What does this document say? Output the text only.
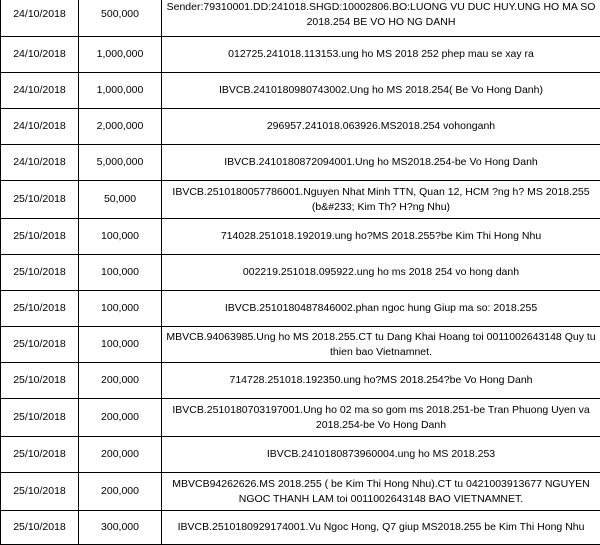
24/10/2018	500,000	Sender:79310001.DD:241018.SHGD:10002806.BO:LUONG VU DUC HUY.UNG HO MA SO 2018.254 BE VO HO NG DANH
24/10/2018	1,000,000	012725.241018.113153.ung ho MS 2018 252 phep mau se xay ra
24/10/2018	1,000,000	IBVCB.2410180980743002.Ung ho MS 2018.254( Be Vo Hong Danh)
24/10/2018	2,000,000	296957.241018.063926.MS2018.254 vohonganh
24/10/2018	5,000,000	IBVCB.2410180872094001.Ung ho MS2018.254-be Vo Hong Danh
25/10/2018	50,000	IBVCB.2510180057786001.Nguyen Nhat Minh TTN, Quan 12, HCM ?ng h? MS 2018.255 (b&#233; Kim Th? H?ng Nhu)
25/10/2018	100,000	714028.251018.192019.ung ho?MS 2018.255?be Kim Thi Hong Nhu
25/10/2018	100,000	002219.251018.095922.ung ho ms 2018 254 vo hong danh
25/10/2018	100,000	IBVCB.2510180487846002.phan ngoc hung Giup ma so: 2018.255
25/10/2018	100,000	MBVCB.94063985.Ung ho MS 2018.255.CT tu Dang Khai Hoang toi 0011002643148 Quy tu thien bao Vietnamnet.
25/10/2018	200,000	714728.251018.192350.ung ho?MS 2018.254?be Vo Hong Danh
25/10/2018	200,000	IBVCB.2510180703197001.Ung ho 02 ma so gom ms 2018.251-be Tran Phuong Uyen va 2018.254-be Vo Hong Danh
25/10/2018	200,000	IBVCB.2410180873960004.ung ho MS 2018.253
25/10/2018	200,000	MBVCB94262626.MS 2018.255 ( be Kim Thi Hong Nhu).CT tu 0421003913677 NGUYEN NGOC THANH LAM toi 0011002643148 BAO VIETNAMNET.
25/10/2018	300,000	IBVCB.2510180929174001.Vu Ngoc Hong, Q7 giup MS2018.255 be Kim Thi Hong Nhu
